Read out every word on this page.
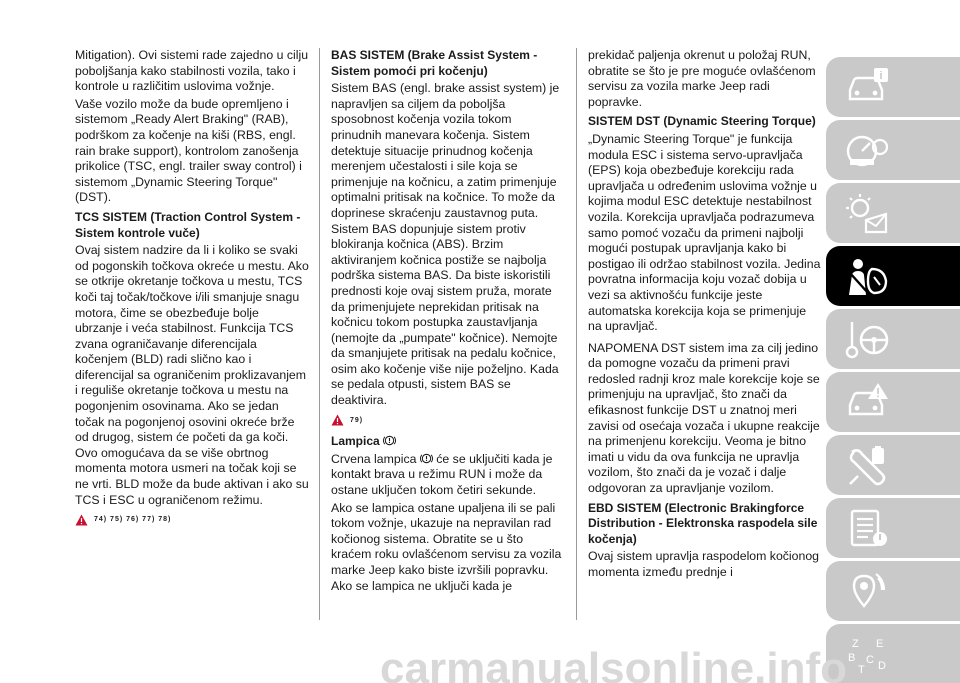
Mitigation). Ovi sistemi rade zajedno u cilju poboljšanja kako stabilnosti vozila, tako i kontrole u različitim uslovima vožnje.

Vaše vozilo može da bude opremljeno i sistemom „Ready Alert Braking" (RAB), podrškom za kočenje na kiši (RBS, engl. rain brake support), kontrolom zanošenja prikolice (TSC, engl. trailer sway control) i sistemom „Dynamic Steering Torque" (DST).

TCS SISTEM (Traction Control System - Sistem kontrole vuče)

Ovaj sistem nadzire da li i koliko se svaki od pogonskih točkova okreće u mestu. Ako se otkrije okretanje točkova u mestu, TCS koči taj točak/točkove i/ili smanjuje snagu motora, čime se obezbeđuje bolje ubrzanje i veća stabilnost. Funkcija TCS zvana ograničavanje diferencijala kočenjem (BLD) radi slično kao i diferencijal sa ograničenim proklizavanjem i reguliše okretanje točkova u mestu na pogonjenim osovinama. Ako se jedan točak na pogonjenoj osovini okreće brže od drugog, sistem će početi da ga koči. Ovo omogućava da se više obrtnog momenta motora usmeri na točak koji se ne vrti. BLD može da bude aktivan i ako su TCS i ESC u ograničenom režimu.

74) 75) 76) 77) 78)
BAS SISTEM (Brake Assist System - Sistem pomoći pri kočenju)

Sistem BAS (engl. brake assist system) je napravljen sa ciljem da poboljša sposobnost kočenja vozila tokom prinudnih manevara kočenja. Sistem detektuje situacije prinudnog kočenja merenjem učestalosti i sile koja se primenjuje na kočnicu, a zatim primenjuje optimalni pritisak na kočnice. To može da doprinese skraćenju zaustavnog puta. Sistem BAS dopunjuje sistem protiv blokiranja kočnica (ABS). Brzim aktiviranjem kočnica postiže se najbolja podrška sistema BAS. Da biste iskoristili prednosti koje ovaj sistem pruža, morate da primenjujete neprekidan pritisak na kočnicu tokom postupka zaustavljanja (nemojte da „pumpate" kočnice). Nemojte da smanjujete pritisak na pedalu kočnice, osim ako kočenje više nije poželjno. Kada se pedala otpusti, sistem BAS se deaktivira.

79)
Lampica

Crvena lampica će se uključiti kada je kontakt brava u režimu RUN i može da ostane uključen tokom četiri sekunde.

Ako se lampica ostane upaljena ili se pali tokom vožnje, ukazuje na nepravilan rad kočionog sistema. Obratite se u što kraćem roku ovlašćenom servisu za vozila marke Jeep kako biste izvršili popravku. Ako se lampica ne uključi kada je

prekidač paljenja okrenut u položaj RUN, obratite se što je pre moguće ovlašćenom servisu za vozila marke Jeep radi popravke.

SISTEM DST (Dynamic Steering Torque)

„Dynamic Steering Torque" je funkcija modula ESC i sistema servo-upravljača (EPS) koja obezbeđuje korekciju rada upravljača u određenim uslovima vožnje u kojima modul ESC detektuje nestabilnost vozila. Korekcija upravljača podrazumeva samo pomoć vozaču da primeni najbolji mogući postupak upravljanja kako bi postigao ili održao stabilnost vozila. Jedina povratna informacija koju vozač dobija u vezi sa aktivnošću funkcije jeste automatska korekcija koja se primenjuje na upravljač.

NAPOMENA DST sistem ima za cilj jedino da pomogne vozaču da primeni pravi redosled radnji kroz male korekcije koje se primenjuju na upravljač, što znači da efikasnost funkcije DST u znatnoj meri zavisi od osećaja vozača i ukupne reakcije na primenjenu korekciju. Veoma je bitno imati u vidu da ova funkcija ne upravlja vozilom, što znači da je vozač i dalje odgovoran za upravljanje vozilom.

EBD SISTEM (Electronic Brakingforce Distribution - Elektronska raspodela sile kočenja)

Ovaj sistem upravlja raspodelom kočionog momenta između prednje i

i
Z E
B C
T D
carmanualsonline.info
